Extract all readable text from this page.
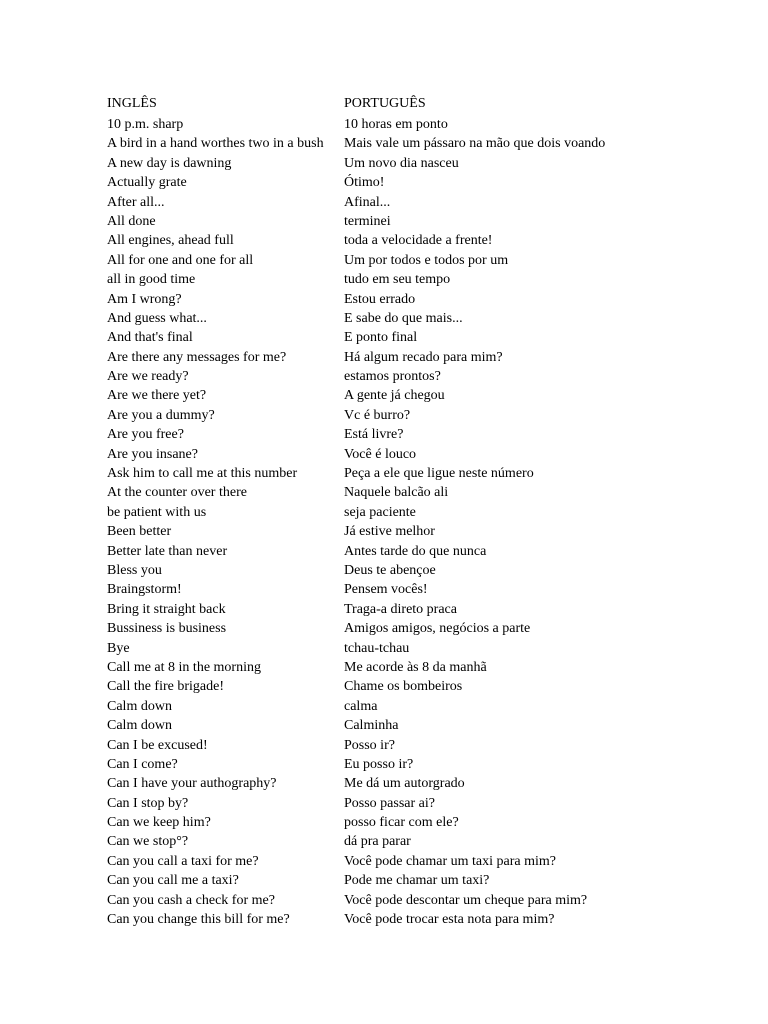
INGLÊS	PORTUGUÊS
10 p.m. sharp	10 horas em ponto
A bird in a hand worthes two in a bush	Mais vale um pássaro na mão que dois voando
A new day is dawning	Um novo dia nasceu
Actually grate	Ótimo!
After all...	Afinal...
All done	terminei
All engines, ahead full	toda a velocidade a frente!
All for one and one for all	Um por todos e todos por um
all in good time	tudo em seu tempo
Am I wrong?	Estou errado
And guess what...	E sabe do que mais...
And that's final	E ponto final
Are there any messages for me?	Há algum recado para mim?
Are we ready?	estamos prontos?
Are we there yet?	A gente já chegou
Are you a dummy?	Vc é burro?
Are you free?	Está livre?
Are you insane?	Você é louco
Ask him to call me at this number	Peça a ele que ligue neste número
At the counter over there	Naquele balcão ali
be patient with us	seja paciente
Been better	Já estive melhor
Better late than never	Antes tarde do que nunca
Bless you	Deus te abençoe
Braingstorm!	Pensem vocês!
Bring it straight back	Traga-a direto praca
Bussiness is business	Amigos amigos, negócios a parte
Bye	tchau-tchau
Call me at 8 in the morning	Me acorde às 8 da manhã
Call the fire brigade!	Chame os bombeiros
Calm down	calma
Calm down	Calminha
Can I be excused!	Posso ir?
Can I come?	Eu posso ir?
Can I have your authography?	Me dá um autorgrado
Can I stop by?	Posso passar ai?
Can we keep him?	posso ficar com ele?
Can we stop°?	dá pra parar
Can you call a taxi for me?	Você pode chamar um taxi para mim?
Can you call me a taxi?	Pode me chamar um taxi?
Can you cash a check for me?	Você pode descontar um cheque para mim?
Can you change this bill for me?	Você pode trocar esta nota para mim?
